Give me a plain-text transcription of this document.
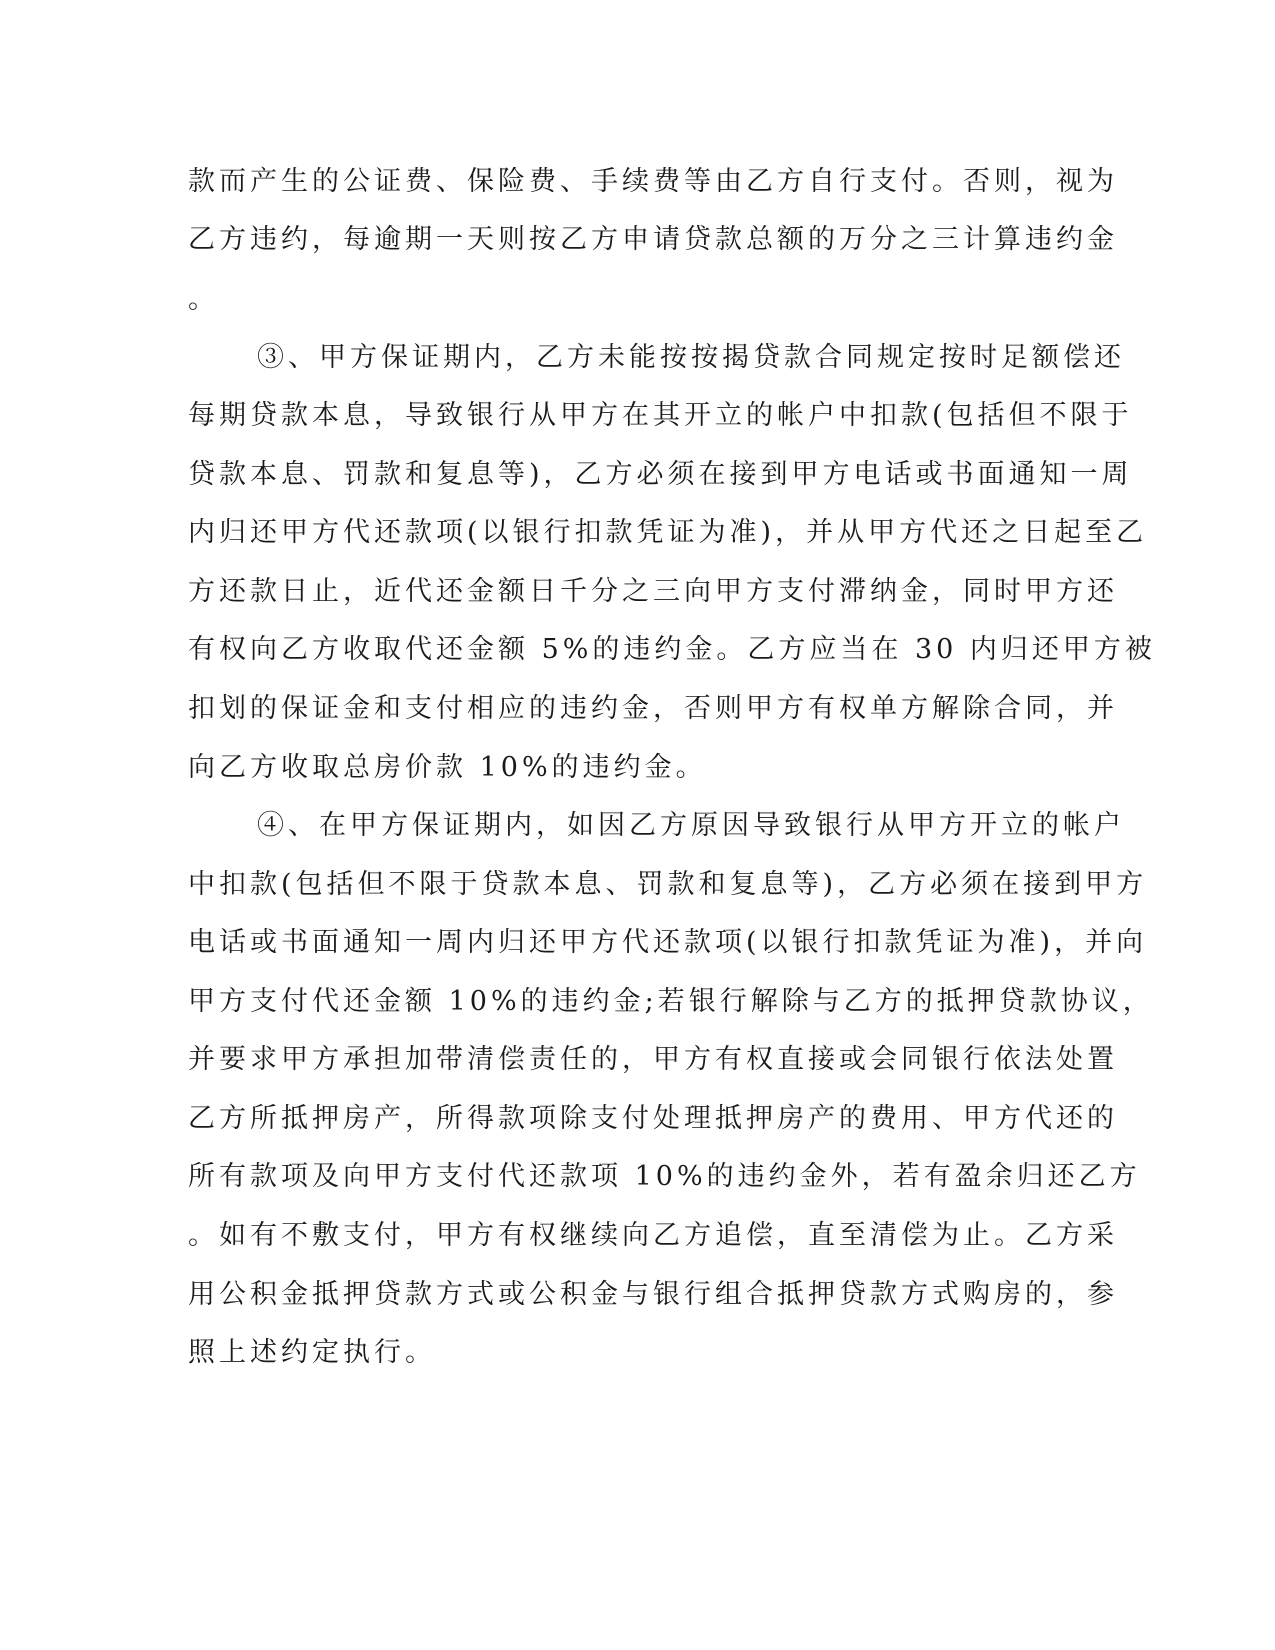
款而产生的公证费、保险费、手续费等由乙方自行支付。否则，视为
乙方违约，每逾期一天则按乙方申请贷款总额的万分之三计算违约金
。
③、甲方保证期内，乙方未能按按揭贷款合同规定按时足额偿还
每期贷款本息，导致银行从甲方在其开立的帐户中扣款(包括但不限于
贷款本息、罚款和复息等)，乙方必须在接到甲方电话或书面通知一周
内归还甲方代还款项(以银行扣款凭证为准)，并从甲方代还之日起至乙
方还款日止，近代还金额日千分之三向甲方支付滞纳金，同时甲方还
有权向乙方收取代还金额 5%的违约金。乙方应当在 30 内归还甲方被
扣划的保证金和支付相应的违约金，否则甲方有权单方解除合同，并
向乙方收取总房价款 10%的违约金。
④、在甲方保证期内，如因乙方原因导致银行从甲方开立的帐户
中扣款(包括但不限于贷款本息、罚款和复息等)，乙方必须在接到甲方
电话或书面通知一周内归还甲方代还款项(以银行扣款凭证为准)，并向
甲方支付代还金额 10%的违约金;若银行解除与乙方的抵押贷款协议，
并要求甲方承担加带清偿责任的，甲方有权直接或会同银行依法处置
乙方所抵押房产，所得款项除支付处理抵押房产的费用、甲方代还的
所有款项及向甲方支付代还款项 10%的违约金外，若有盈余归还乙方
。如有不敷支付，甲方有权继续向乙方追偿，直至清偿为止。乙方采
用公积金抵押贷款方式或公积金与银行组合抵押贷款方式购房的，参
照上述约定执行。
